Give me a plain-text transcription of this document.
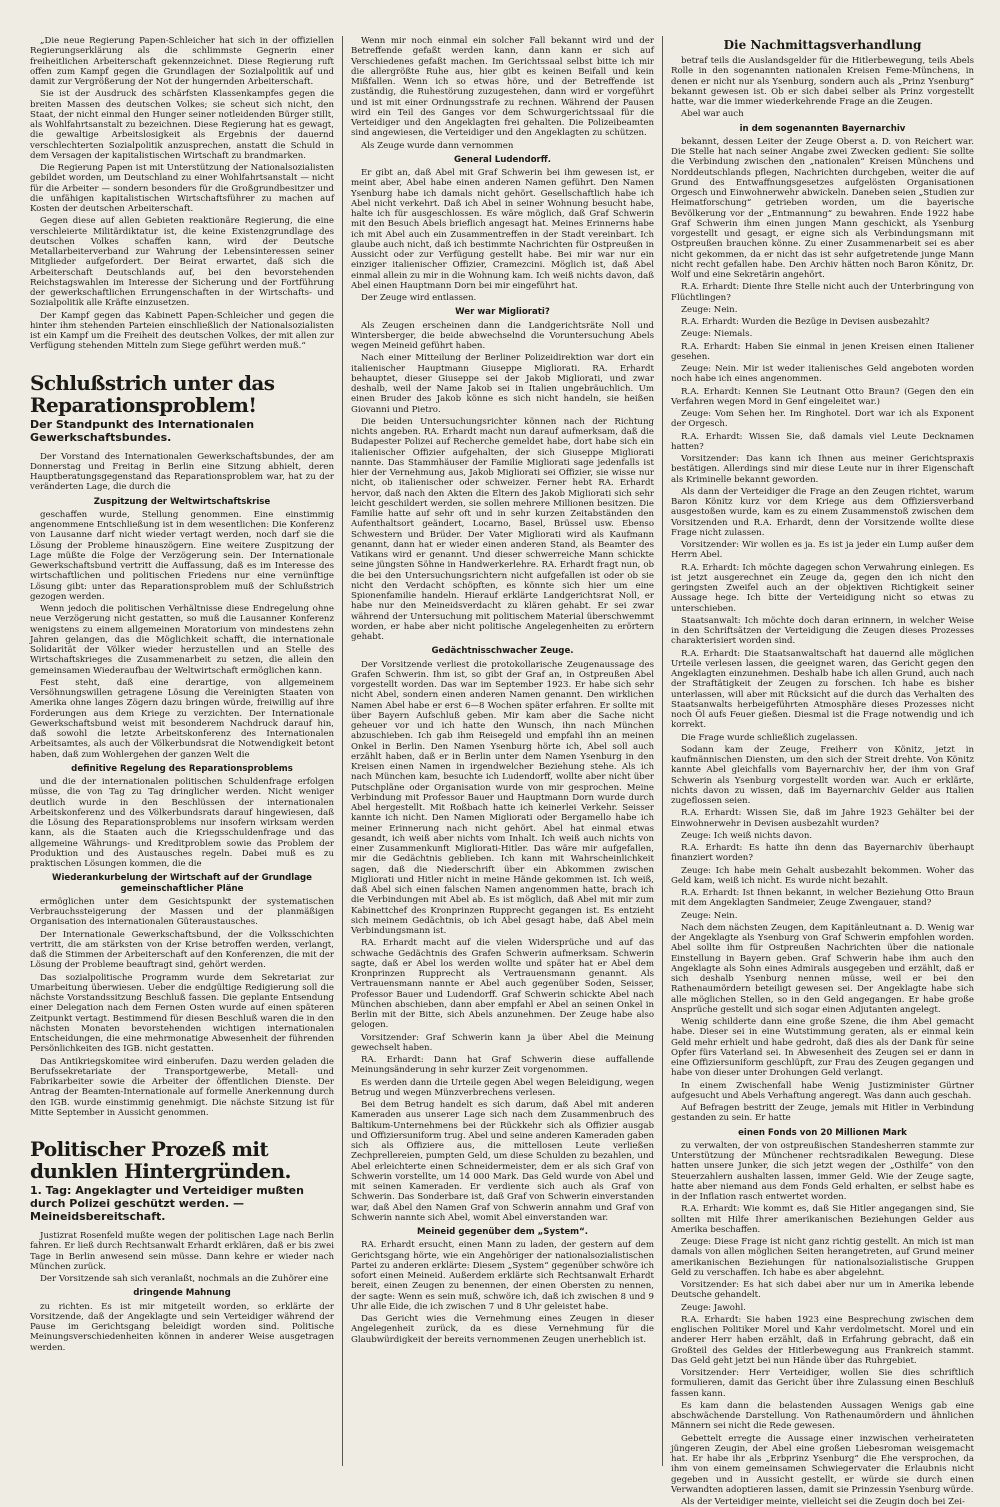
„Die neue Regierung Papen-Schleicher hat sich in der offiziellen Regierungserklärung als die schlimmste Gegnerin einer freiheitlichen Arbeiterschaft gekennzeichnet. Diese Regierung ruft offen zum Kampf gegen die Grundlagen der Sozialpolitik auf und damit zur Vergrößerung der Not der hungernden Arbeiterschaft.

Sie ist der Ausdruck des schärfsten Klassenkampfes gegen die breiten Massen des deutschen Volkes; sie scheut sich nicht, den Staat, der nicht einmal den Hunger seiner notleidenden Bürger stillt, als Wohlfahrtsanstalt zu bezeichnen. Diese Regierung hat es gewagt, die gewaltige Arbeitslosigkeit als Ergebnis der dauernd verschlechterten Sozialpolitik anzusprechen, anstatt die Schuld in dem Versagen der kapitalistischen Wirtschaft zu brandmarken.

Die Regierung Papen ist mit Unterstützung der Nationalsozialisten gebildet worden, um Deutschland zu einer Wohlfahrtsanstalt — nicht für die Arbeiter — sondern besonders für die Großgrundbesitzer und die unfähigen kapitalistischen Wirtschaftsführer zu machen auf Kosten der deutschen Arbeiterschaft.

Gegen diese auf allen Gebieten reaktionäre Regierung, die eine verschleierte Militärdiktatur ist, die keine Existenzgrundlage des deutschen Volkes schaffen kann, wird der Deutsche Metallarbeiterverband zur Wahrung der Lebensinteressen seiner Mitglieder aufgefordert. Der Beirat erwartet, daß sich die Arbeiterschaft Deutschlands auf, bei den bevorstehenden Reichstagswahlen im Interesse der Sicherung und der Fortführung der gewerkschaftlichen Errungenschaften in der Wirtschafts- und Sozialpolitik alle Kräfte einzusetzen.

Der Kampf gegen das Kabinett Papen-Schleicher und gegen die hinter ihm stehenden Parteien einschließlich der Nationalsozialisten ist ein Kampf um die Freiheit des deutschen Volkes, der mit allen zur Verfügung stehenden Mitteln zum Siege geführt werden muß.“

Schlußstrich unter das Reparationsproblem!
Der Standpunkt des Internationalen Gewerkschaftsbundes.

Der Vorstand des Internationalen Gewerkschaftsbundes, der am Donnerstag und Freitag in Berlin eine Sitzung abhielt, deren Hauptberatungsgegenstand das Reparationsproblem war, hat zu der veränderten Lage, die durch die

Zuspitzung der Weltwirtschaftskrise

geschaffen wurde, Stellung genommen. Eine einstimmig angenommene Entschließung ist in dem wesentlichen: Die Konferenz von Lausanne darf nicht wieder vertagt werden, noch darf sie die Lösung der Probleme hinauszögern. Eine weitere Zuspitzung der Lage müßte die Folge der Verzögerung sein. Der Internationale Gewerkschaftsbund vertritt die Auffassung, daß es im Interesse des wirtschaftlichen und politischen Friedens nur eine vernünftige Lösung gibt: unter das Reparationsproblem muß der Schlußstrich gezogen werden.

Wenn jedoch die politischen Verhältnisse diese Endregelung ohne neue Verzögerung nicht gestatten, so muß die Lausanner Konferenz wenigstens zu einem allgemeinen Moratorium von mindestens zehn Jahren gelangen, das die Möglichkeit schafft, die internationale Solidarität der Völker wieder herzustellen und an Stelle des Wirtschaftskrieges die Zusammenarbeit zu setzen, die allein den gemeinsamen Wiederaufbau der Weltwirtschaft ermöglichen kann.

Fest steht, daß eine derartige, von allgemeinem Versöhnungswillen getragene Lösung die Vereinigten Staaten von Amerika ohne langes Zögern dazu bringen würde, freiwillig auf ihre Forderungen aus dem Kriege zu verzichten. Der Internationale Gewerkschaftsbund weist mit besonderem Nachdruck darauf hin, daß sowohl die letzte Arbeitskonferenz des Internationalen Arbeitsamtes, als auch der Völkerbundsrat die Notwendigkeit betont haben, daß zum Wohlergehen der ganzen Welt die

definitive Regelung des Reparationsproblems

und die der internationalen politischen Schuldenfrage erfolgen müsse, die von Tag zu Tag dringlicher werden. Nicht weniger deutlich wurde in den Beschlüssen der internationalen Arbeitskonferenz und des Völkerbundsrats darauf hingewiesen, daß die Lösung des Reparationsproblems nur insofern wirksam werden kann, als die Staaten auch die Kriegsschuldenfrage und das allgemeine Währungs- und Kreditproblem sowie das Problem der Produktion und des Austausches regeln. Dabei muß es zu praktischen Lösungen kommen, die die

Wiederankurbelung der Wirtschaft auf der Grundlage gemeinschaftlicher Pläne

ermöglichen unter dem Gesichtspunkt der systematischen Verbrauchssteigerung der Massen und der planmäßigen Organisation des internationalen Güteraustausches.

Der Internationale Gewerkschaftsbund, der die Volksschichten vertritt, die am stärksten von der Krise betroffen werden, verlangt, daß die Stimmen der Arbeiterschaft auf den Konferenzen, die mit der Lösung der Probleme beauftragt sind, gehört werden.

Das sozialpolitische Programm wurde dem Sekretariat zur Umarbeitung überwiesen. Ueber die endgültige Redigierung soll die nächste Vorstandssitzung Beschluß fassen. Die geplante Entsendung einer Delegation nach dem Fernen Osten wurde auf einen späteren Zeitpunkt vertagt. Bestimmend für diesen Beschluß waren die in den nächsten Monaten bevorstehenden wichtigen internationalen Entscheidungen, die eine mehrmonatige Abwesenheit der führenden Persönlichkeiten des IGB. nicht gestatten.

Das Antikriegskomitee wird einberufen. Dazu werden geladen die Berufssekretariate der Transportgewerbe, Metall- und Fabrikarbeiter sowie die Arbeiter der öffentlichen Dienste. Der Antrag der Beamten-Internationale auf formelle Anerkennung durch den IGB. wurde einstimmig genehmigt. Die nächste Sitzung ist für Mitte September in Aussicht genommen.

Politischer Prozeß mit dunklen Hintergründen.
1. Tag: Angeklagter und Verteidiger mußten durch Polizei geschützt werden. — Meineidsbereitschaft.

Justizrat Rosenfeld mußte wegen der politischen Lage nach Berlin fahren. Er ließ durch Rechtsanwalt Erhardt erklären, daß er bis zwei Tage in Berlin anwesend sein müsse. Dann kehre er wieder nach München zurück.

Der Vorsitzende sah sich veranlaßt, nochmals an die Zuhörer eine

dringende Mahnung

zu richten. Es ist mir mitgeteilt worden, so erklärte der Vorsitzende, daß der Angeklagte und sein Verteidiger während der Pause im Gerichtsgang beleidigt worden sind. Politische Meinungsverschiedenheiten können in anderer Weise ausgetragen werden.

Wenn mir noch einmal ein solcher Fall bekannt wird und der Betreffende gefaßt werden kann, dann kann er sich auf Verschiedenes gefaßt machen. Im Gerichtssaal selbst bitte ich mir die allergrößte Ruhe aus, hier gibt es keinen Beifall und kein Mißfallen. Wenn ich so etwas höre, und der Betreffende ist zuständig, die Ruhestörung zuzugestehen, dann wird er vorgeführt und ist mit einer Ordnungsstrafe zu rechnen. Während der Pausen wird ein Teil des Ganges vor dem Schwurgerichtssaal für die Verteidiger und den Angeklagten frei gehalten. Die Polizeibeamten sind angewiesen, die Verteidiger und den Angeklagten zu schützen.

Als Zeuge wurde dann vernommen

General Ludendorff.

Er gibt an, daß Abel mit Graf Schwerin bei ihm gewesen ist, er meint aber, Abel habe einen anderen Namen geführt. Den Namen Ysenburg habe ich damals nicht gehört. Gesellschaftlich habe ich Abel nicht verkehrt. Daß ich Abel in seiner Wohnung besucht habe, halte ich für ausgeschlossen. Es wäre möglich, daß Graf Schwerin mit den Besuch Abels brieflich angesagt hat. Meines Erinnerns habe ich mit Abel auch ein Zusammentreffen in der Stadt vereinbart. Ich glaube auch nicht, daß ich bestimmte Nachrichten für Ostpreußen in Aussicht oder zur Verfügung gestellt habe. Bei mir war nur ein einziger italienischer Offizier, Cramezcini. Möglich ist, daß Abel einmal allein zu mir in die Wohnung kam. Ich weiß nichts davon, daß Abel einen Hauptmann Dorn bei mir eingeführt hat.

Der Zeuge wird entlassen.

Wer war Migliorati?

Als Zeugen erscheinen dann die Landgerichtsräte Noll und Wintersberger, die beide abwechselnd die Voruntersuchung Abels wegen Meineid geführt haben.

Nach einer Mitteilung der Berliner Polizeidirektion war dort ein italienischer Hauptmann Giuseppe Migliorati. RA. Erhardt behauptet, dieser Giuseppe sei der Jakob Migliorati, und zwar deshalb, weil der Name Jakob sei in Italien ungebräuchlich. Um einen Bruder des Jakob könne es sich nicht handeln, sie heißen Giovanni und Pietro.

Die beiden Untersuchungsrichter können nach der Richtung nichts angeben. RA. Erhardt macht nun darauf aufmerksam, daß die Budapester Polizei auf Recherche gemeldet habe, dort habe sich ein italienischer Offizier aufgehalten, der sich Giuseppe Migliorati nannte. Das Stammhäuser der Familie Migliorati sage jedenfalls ist hier der Vernehmung aus, Jakob Migliorati sei Offizier, sie wisse nur nicht, ob italienischer oder schweizer. Ferner hebt RA. Erhardt hervor, daß nach den Akten die Eltern des Jakob Migliorati sich sehr leicht geschildert werden, sie sollen mehrere Millionen besitzen. Die Familie hatte auf sehr oft und in sehr kurzen Zeitabständen den Aufenthaltsort geändert, Locarno, Basel, Brüssel usw. Ebenso Schwestern und Brüder. Der Vater Migliorati wird als Kaufmann genannt, dann hat er wieder einen anderen Stand, als Beamter des Vatikans wird er genannt. Und dieser schwerreiche Mann schickte seine jüngsten Söhne in Handwerkerlehre. RA. Erhardt fragt nun, ob die bei den Untersuchungsrichtern nicht aufgefallen ist oder ob sie nicht den Verdacht schöpften, es könnte sich hier um eine Spionenfamilie handeln. Hierauf erklärte Landgerichtsrat Noll, er habe nur den Meineidsverdacht zu klären gehabt. Er sei zwar während der Untersuchung mit politischem Material überschwemmt worden, er habe aber nicht politische Angelegenheiten zu erörtern gehabt.

Gedächtnisschwacher Zeuge.

Der Vorsitzende verliest die protokollarische Zeugenaussage des Grafen Schwerin. Ihm ist, so gibt der Graf an, in Ostpreußen Abel vorgestellt worden. Das war im September 1923. Er habe sich sehr nicht Abel, sondern einen anderen Namen genannt. Den wirklichen Namen Abel habe er erst 6—8 Wochen später erfahren. Er sollte mit über Bayern Aufschluß geben. Mir kam aber die Sache nicht geheuer vor und ich hatte den Wunsch, ihn nach München abzuschieben. Ich gab ihm Reisegeld und empfahl ihn an meinen Onkel in Berlin. Den Namen Ysenburg hörte ich, Abel soll auch erzählt haben, daß er in Berlin unter dem Namen Ysenburg in den Kreisen einen Namen in irgendwelcher Beziehung stehe. Als ich nach München kam, besuchte ich Ludendorff, wollte aber nicht über Putschpläne oder Organisation wurde von mir gesprochen. Meine Verbindung mit Professor Bauer und Hauptmann Dorn wurde durch Abel hergestellt. Mit Roßbach hatte ich keinerlei Verkehr. Seisser kannte ich nicht. Den Namen Migliorati oder Bergamello habe ich meiner Erinnerung nach nicht gehört. Abel hat einmal etwas gesandt, ich weiß aber nichts vom Inhalt. Ich weiß auch nichts von einer Zusammenkunft Migliorati-Hitler. Das wäre mir aufgefallen, mir die Gedächtnis geblieben. Ich kann mit Wahrscheinlichkeit sagen, daß die Niederschrift über ein Abkommen zwischen Migliorati und Hitler nicht in meine Hände gekommen ist. Ich weiß, daß Abel sich einen falschen Namen angenommen hatte, brach ich die Verbindungen mit Abel ab. Es ist möglich, daß Abel mit mir zum Kabinettchef des Kronprinzen Rupprecht gegangen ist. Es entzieht sich meinem Gedächtnis, ob ich Abel gesagt habe, daß Abel mein Verbindungsmann ist.

RA. Erhardt macht auf die vielen Widersprüche und auf das schwache Gedächtnis des Grafen Schwerin aufmerksam. Schwerin sagte, daß er Abel los werden wollte und später hat er Abel dem Kronprinzen Rupprecht als Vertrauensmann genannt. Als Vertrauensmann nannte er Abel auch gegenüber Soden, Seisser, Professor Bauer und Ludendorff. Graf Schwerin schickte Abel nach München abschieben, dann aber empfahl er Abel an seinen Onkel in Berlin mit der Bitte, sich Abels anzunehmen. Der Zeuge habe also gelogen.

Vorsitzender: Graf Schwerin kann ja über Abel die Meinung gewechselt haben.

RA. Erhardt: Dann hat Graf Schwerin diese auffallende Meinungsänderung in sehr kurzer Zeit vorgenommen.

Es werden dann die Urteile gegen Abel wegen Beleidigung, wegen Betrug und wegen Münzverbrechens verlesen.

Bei dem Betrug handelt es sich darum, daß Abel mit anderen Kameraden aus unserer Lage sich nach dem Zusammenbruch des Baltikum-Unternehmens bei der Rückkehr sich als Offizier ausgab und Offiziersuniform trug. Abel und seine anderen Kameraden gaben sich als Offiziere aus, die mittellosen Leute verließen Zechprellereien, pumpten Geld, um diese Schulden zu bezahlen, und Abel erleichterte einen Schneidermeister, dem er als sich Graf von Schwerin vorstellte, um 14 000 Mark. Das Geld wurde von Abel und mit seinen Kameraden. Er verdiente sich auch als Graf von Schwerin. Das Sonderbare ist, daß Graf von Schwerin einverstanden war, daß Abel den Namen Graf von Schwerin annahm und Graf von Schwerin nannte sich Abel, womit Abel einverstanden war.

Meineid gegenüber dem „System“.

RA. Erhardt ersucht, einen Mann zu laden, der gestern auf dem Gerichtsgang hörte, wie ein Angehöriger der nationalsozialistischen Partei zu anderen erklärte: Diesem „System“ gegenüber schwöre ich sofort einen Meineid. Außerdem erklärte sich Rechtsanwalt Erhardt bereit, einen Zeugen zu benennen, der einen Obersten zu nennen, der sagte: Wenn es sein muß, schwöre ich, daß ich zwischen 8 und 9 Uhr alle Eide, die ich zwischen 7 und 8 Uhr geleistet habe.

Das Gericht wies die Vernehmung eines Zeugen in dieser Angelegenheit zurück, da es diese Vernehmung für die Glaubwürdigkeit der bereits vernommenen Zeugen unerheblich ist.

Die Nachmittagsverhandlung

betraf teils die Auslandsgelder für die Hitlerbewegung, teils Abels Rolle in den sogenannten nationalen Kreisen Feme-Münchens, in denen er nicht nur als Ysenburg, sondern auch als „Prinz Ysenburg“ bekannt gewesen ist. Ob er sich dabei selber als Prinz vorgestellt hatte, war die immer wiederkehrende Frage an die Zeugen.

Abel war auch

in dem sogenannten Bayernarchiv

bekannt, dessen Leiter der Zeuge Oberst a. D. von Reichert war. Die Stelle hat nach seiner Angabe zwei Zwecken gedient: Sie sollte die Verbindung zwischen den „nationalen“ Kreisen Münchens und Norddeutschlands pflegen, Nachrichten durchgeben, weiter die auf Grund des Entwaffnungsgesetzes aufgelösten Organisationen Orgesch und Einwohnerwehr abwickeln. Daneben seien „Studien zur Heimatforschung“ getrieben worden, um die bayerische Bevölkerung vor der „Entmannung“ zu bewahren. Ende 1922 habe Graf Schwerin ihm einen jungen Mann geschickt, als Ysenburg vorgestellt und gesagt, er eigne sich als Verbindungsmann mit Ostpreußen brauchen könne. Zu einer Zusammenarbeit sei es aber nicht gekommen, da er nicht das ist sehr aufgetretende junge Mann nicht recht gefallen habe. Den Archiv hätten noch Baron Könitz, Dr. Wolf und eine Sekretärin angehört.

R.A. Erhardt: Diente Ihre Stelle nicht auch der Unterbringung von Flüchtlingen?

Zeuge: Nein.

R.A. Erhardt: Wurden die Bezüge in Devisen ausbezahlt?

Zeuge: Niemals.

R.A. Erhardt: Haben Sie einmal in jenen Kreisen einen Italiener gesehen.

Zeuge: Nein. Mir ist weder italienisches Geld angeboten worden noch habe ich eines angenommen.

R.A. Erhardt: Kennen Sie Leutnant Otto Braun? (Gegen den ein Verfahren wegen Mord in Genf eingeleitet war.)

Zeuge: Vom Sehen her. Im Ringhotel. Dort war ich als Exponent der Orgesch.

R.A. Erhardt: Wissen Sie, daß damals viel Leute Decknamen hatten?

Vorsitzender: Das kann ich Ihnen aus meiner Gerichtspraxis bestätigen. Allerdings sind mir diese Leute nur in ihrer Eigenschaft als Kriminelle bekannt geworden.

Als dann der Verteidiger die Frage an den Zeugen richtet, warum Baron Könitz kurz vor dem Kriege aus dem Offiziersverband ausgestoßen wurde, kam es zu einem Zusammenstoß zwischen dem Vorsitzenden und R.A. Erhardt, denn der Vorsitzende wollte diese Frage nicht zulassen.

Vorsitzender: Wir wollen es ja. Es ist ja jeder ein Lump außer dem Herrn Abel.

R.A. Erhardt: Ich möchte dagegen schon Verwahrung einlegen. Es ist jetzt ausgerechnet ein Zeuge da, gegen den ich nicht den geringsten Zweifel auch an der objektiven Richtigkeit seiner Aussage hege. Ich bitte der Verteidigung nicht so etwas zu unterschieben.

Staatsanwalt: Ich möchte doch daran erinnern, in welcher Weise in den Schriftsätzen der Verteidigung die Zeugen dieses Prozesses charakterisiert worden sind.

R.A. Erhardt: Die Staatsanwaltschaft hat dauernd alle möglichen Urteile verlesen lassen, die geeignet waren, das Gericht gegen den Angeklagten einzunehmen. Deshalb habe ich allen Grund, auch nach der Straftätigkeit der Zeugen zu forschen. Ich habe es bisher unterlassen, will aber mit Rücksicht auf die durch das Verhalten des Staatsanwalts herbeigeführten Atmosphäre dieses Prozesses nicht noch Öl aufs Feuer gießen. Diesmal ist die Frage notwendig und ich korrekt.

Die Frage wurde schließlich zugelassen.

Sodann kam der Zeuge, Freiherr von Könitz, jetzt in kaufmännischen Diensten, um den sich der Streit drehte. Von Könitz kannte Abel gleichfalls vom Bayernarchiv her, der ihm von Graf Schwerin als Ysenburg vorgestellt worden war. Auch er erklärte, nichts davon zu wissen, daß im Bayernarchiv Gelder aus Italien zugeflossen seien.

R.A. Erhardt: Wissen Sie, daß im Jahre 1923 Gehälter bei der Einwohnerwehr in Devisen ausbezahlt wurden?

Zeuge: Ich weiß nichts davon.

R.A. Erhardt: Es hatte ihn denn das Bayernarchiv überhaupt finanziert worden?

Zeuge: Ich habe mein Gehalt ausbezahlt bekommen. Woher das Geld kam, weiß ich nicht. Es wurde nicht bezahlt.

R.A. Erhardt: Ist Ihnen bekannt, in welcher Beziehung Otto Braun mit dem Angeklagten Sandmeier, Zeuge Zwengauer, stand?

Zeuge: Nein.

Nach dem nächsten Zeugen, dem Kapitänleutnant a. D. Wenig war der Angeklagte als Ysenburg von Graf Schwerin empfohlen worden. Abel sollte ihm für Ostpreußen Nachrichten über die nationale Einstellung in Bayern geben. Graf Schwerin habe ihm auch den Angeklagte als Sohn eines Admirals ausgegeben und erzählt, daß er sich deshalb Ysenburg nennen müsse, weil er bei den Rathenaumördern beteiligt gewesen sei. Der Angeklagte habe sich alle möglichen Stellen, so in den Geld angegangen. Er habe große Ansprüche gestellt und sich sogar einen Adjutanten angelegt.

Wenig schilderte dann eine große Szene, die ihm Abel gemacht habe. Dieser sei in eine Wutstimmung geraten, als er einmal kein Geld mehr erhielt und habe gedroht, daß dies als der Dank für seine Opfer fürs Vaterland sei. In Abwesenheit des Zeugen sei er dann in eine Offiziersuniform geschlüpft, zur Frau des Zeugen gegangen und habe von dieser unter Drohungen Geld verlangt.

In einem Zwischenfall habe Wenig Justizminister Gürtner aufgesucht und Abels Verhaftung angeregt. Was dann auch geschah.

Auf Befragen bestritt der Zeuge, jemals mit Hitler in Verbindung gestanden zu sein. Er hatte

einen Fonds von 20 Millionen Mark

zu verwalten, der von ostpreußischen Standesherren stammte zur Unterstützung der Münchener rechtsradikalen Bewegung. Diese hatten unsere Junker, die sich jetzt wegen der „Osthilfe“ von den Steuerzahlern aushalten lassen, immer Geld. Wie der Zeuge sagte, hatte aber niemand aus dem Fonds Geld erhalten, er selbst habe es in der Inflation rasch entwertet worden.

R.A. Erhardt: Wie kommt es, daß Sie Hitler angegangen sind, Sie sollten mit Hilfe Ihrer amerikanischen Beziehungen Gelder aus Amerika beschaffen.

Zeuge: Diese Frage ist nicht ganz richtig gestellt. An mich ist man damals von allen möglichen Seiten herangetreten, auf Grund meiner amerikanischen Beziehungen für nationalsozialistische Gruppen Geld zu verschaffen. Ich habe es aber abgelehnt.

Vorsitzender: Es hat sich dabei aber nur um in Amerika lebende Deutsche gehandelt.

Zeuge: Jawohl.

R.A. Erhardt: Sie haben 1923 eine Besprechung zwischen dem englischen Politiker Morel und Kahr verdolmetscht. Morel und ein anderer Herr haben erzählt, daß in Erfahrung gebracht, daß ein Großteil des Geldes der Hitlerbewegung aus Frankreich stammt. Das Geld geht jetzt bei nun Hände über das Ruhrgebiet.

Vorsitzender: Herr Verteidiger, wollen Sie dies schriftlich formulieren, damit das Gericht über ihre Zulassung einen Beschluß fassen kann.

Es kam dann die belastenden Aussagen Wenigs gab eine abschwächende Darstellung. Von Rathenaumördern und ähnlichen Männern sei nicht die Rede gewesen.

Gebettelt erregte die Aussage einer inzwischen verheirateten jüngeren Zeugin, der Abel eine großen Liebesroman weisgemacht hat. Er habe ihr als „Erbprinz Ysenburg“ die Ehe versprochen, da ihm von einem gemeinsamen Schwiegervater die Erlaubnis nicht gegeben und in Aussicht gestellt, er würde sie durch einen Verwandten adoptieren lassen, damit sie Prinzessin Ysenburg würde.

Als der Verteidiger meinte, vielleicht sei die Zeugin doch bei Zei-
